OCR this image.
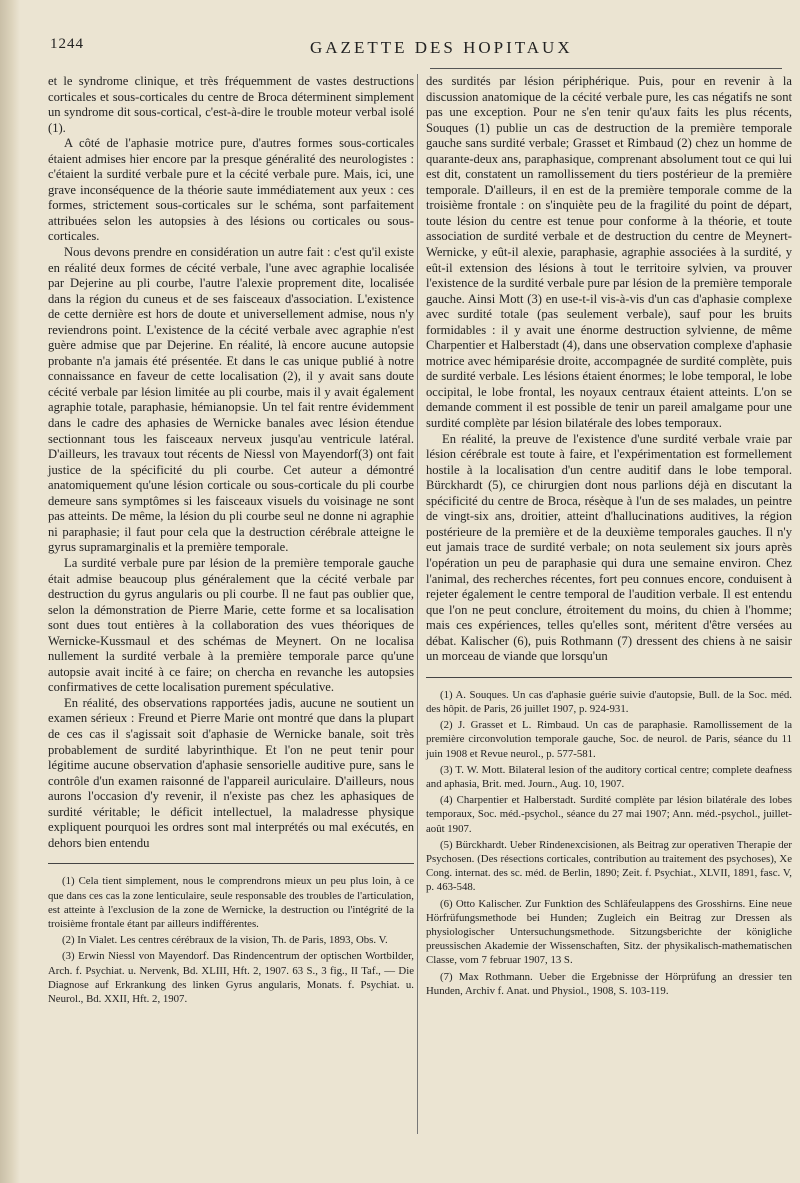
1244	GAZETTE DES HOPITAUX

et le syndrome clinique, et très fréquemment de vastes destructions corticales et sous-corticales du centre de Broca déterminent simplement un syndrome dit sous-cortical, c'est-à-dire le trouble moteur verbal isolé (1).

A côté de l'aphasie motrice pure, d'autres formes sous-corticales étaient admises hier encore par la presque généralité des neurologistes : c'étaient la surdité verbale pure et la cécité verbale pure. Mais, ici, une grave inconséquence de la théorie saute immédiatement aux yeux : ces formes, strictement sous-corticales sur le schéma, sont parfaitement attribuées selon les autopsies à des lésions ou corticales ou sous-corticales.

Nous devons prendre en considération un autre fait : c'est qu'il existe en réalité deux formes de cécité verbale, l'une avec agraphie localisée par Dejerine au pli courbe, l'autre l'alexie proprement dite, localisée dans la région du cuneus et de ses faisceaux d'association. L'existence de cette dernière est hors de doute et universellement admise, nous n'y reviendrons point. L'existence de la cécité verbale avec agraphie n'est guère admise que par Dejerine. En réalité, là encore aucune autopsie probante n'a jamais été présentée. Et dans le cas unique publié à notre connaissance en faveur de cette localisation (2), il y avait sans doute cécité verbale par lésion limitée au pli courbe, mais il y avait également agraphie totale, paraphasie, hémianopsie. Un tel fait rentre évidemment dans le cadre des aphasies de Wernicke banales avec lésion étendue sectionnant tous les faisceaux nerveux jusqu'au ventricule latéral. D'ailleurs, les travaux tout récents de Niessl von Mayendorf(3) ont fait justice de la spécificité du pli courbe. Cet auteur a démontré anatomiquement qu'une lésion corticale ou sous-corticale du pli courbe demeure sans symptômes si les faisceaux visuels du voisinage ne sont pas atteints. De même, la lésion du pli courbe seul ne donne ni agraphie ni paraphasie; il faut pour cela que la destruction cérébrale atteigne le gyrus supramarginalis et la première temporale.

La surdité verbale pure par lésion de la première temporale gauche était admise beaucoup plus généralement que la cécité verbale par destruction du gyrus angularis ou pli courbe. Il ne faut pas oublier que, selon la démonstration de Pierre Marie, cette forme et sa localisation sont dues tout entières à la collaboration des vues théoriques de Wernicke-Kussmaul et des schémas de Meynert. On ne localisa nullement la surdité verbale à la première temporale parce qu'une autopsie avait incité à ce faire; on chercha en revanche les autopsies confirmatives de cette localisation purement spéculative.

En réalité, des observations rapportées jadis, aucune ne soutient un examen sérieux : Freund et Pierre Marie ont montré que dans la plupart de ces cas il s'agissait soit d'aphasie de Wernicke banale, soit très probablement de surdité labyrinthique. Et l'on ne peut tenir pour légitime aucune observation d'aphasie sensorielle auditive pure, sans le contrôle d'un examen raisonné de l'appareil auriculaire. D'ailleurs, nous aurons l'occasion d'y revenir, il n'existe pas chez les aphasiques de surdité véritable; le déficit intellectuel, la maladresse physique expliquent pourquoi les ordres sont mal interprétés ou mal exécutés, en dehors bien entendu

(1) Cela tient simplement, nous le comprendrons mieux un peu plus loin, à ce que dans ces cas la zone lenticulaire, seule responsable des troubles de l'articulation, est atteinte à l'exclusion de la zone de Wernicke, la destruction ou l'intégrité de la troisième frontale étant par ailleurs indifférentes.

(2) In Vialet. Les centres cérébraux de la vision, Th. de Paris, 1893, Obs. V.

(3) Erwin Niessl von Mayendorf. Das Rindencentrum der optischen Wortbilder, Arch. f. Psychiat. u. Nervenk, Bd. XLIII, Hft. 2, 1907. 63 S., 3 fig., II Taf., — Die Diagnose auf Erkrankung des linken Gyrus angularis, Monats. f. Psychiat. u. Neurol., Bd. XXII, Hft. 2, 1907.

des surdités par lésion périphérique. Puis, pour en revenir à la discussion anatomique de la cécité verbale pure, les cas négatifs ne sont pas une exception. Pour ne s'en tenir qu'aux faits les plus récents, Souques (1) publie un cas de destruction de la première temporale gauche sans surdité verbale; Grasset et Rimbaud (2) chez un homme de quarante-deux ans, paraphasique, comprenant absolument tout ce qui lui est dit, constatent un ramollissement du tiers postérieur de la première temporale. D'ailleurs, il en est de la première temporale comme de la troisième frontale : on s'inquiète peu de la fragilité du point de départ, toute lésion du centre est tenue pour conforme à la théorie, et toute association de surdité verbale et de destruction du centre de Meynert-Wernicke, y eût-il alexie, paraphasie, agraphie associées à la surdité, y eût-il extension des lésions à tout le territoire sylvien, va prouver l'existence de la surdité verbale pure par lésion de la première temporale gauche. Ainsi Mott (3) en use-t-il vis-à-vis d'un cas d'aphasie complexe avec surdité totale (pas seulement verbale), sauf pour les bruits formidables : il y avait une énorme destruction sylvienne, de même Charpentier et Halberstadt (4), dans une observation complexe d'aphasie motrice avec hémiparésie droite, accompagnée de surdité complète, puis de surdité verbale. Les lésions étaient énormes; le lobe temporal, le lobe occipital, le lobe frontal, les noyaux centraux étaient atteints. L'on se demande comment il est possible de tenir un pareil amalgame pour une surdité complète par lésion bilatérale des lobes temporaux.

En réalité, la preuve de l'existence d'une surdité verbale vraie par lésion cérébrale est toute à faire, et l'expérimentation est formellement hostile à la localisation d'un centre auditif dans le lobe temporal. Bürckhardt (5), ce chirurgien dont nous parlions déjà en discutant la spécificité du centre de Broca, résèque à l'un de ses malades, un peintre de vingt-six ans, droitier, atteint d'hallucinations auditives, la région postérieure de la première et de la deuxième temporales gauches. Il n'y eut jamais trace de surdité verbale; on nota seulement six jours après l'opération un peu de paraphasie qui dura une semaine environ. Chez l'animal, des recherches récentes, fort peu connues encore, conduisent à rejeter également le centre temporal de l'audition verbale. Il est entendu que l'on ne peut conclure, étroitement du moins, du chien à l'homme; mais ces expériences, telles qu'elles sont, méritent d'être versées au débat. Kalischer (6), puis Rothmann (7) dressent des chiens à ne saisir un morceau de viande que lorsqu'un

(1) A. Souques. Un cas d'aphasie guérie suivie d'autopsie, Bull. de la Soc. méd. des hôpit. de Paris, 26 juillet 1907, p. 924-931.

(2) J. Grasset et L. Rimbaud. Un cas de paraphasie. Ramollissement de la première circonvolution temporale gauche, Soc. de neurol. de Paris, séance du 11 juin 1908 et Revue neurol., p. 577-581.

(3) T. W. Mott. Bilateral lesion of the auditory cortical centre; complete deafness and aphasia, Brit. med. Journ., Aug. 10, 1907.

(4) Charpentier et Halberstadt. Surdité complète par lésion bilatérale des lobes temporaux, Soc. méd.-psychol., séance du 27 mai 1907; Ann. méd.-psychol., juillet-août 1907.

(5) Bürckhardt. Ueber Rindenexcisionen, als Beitrag zur operativen Therapie der Psychosen. (Des résections corticales, contribution au traitement des psychoses), Xe Cong. internat. des sc. méd. de Berlin, 1890; Zeit. f. Psychiat., XLVII, 1891, fasc. V, p. 463-548.

(6) Otto Kalischer. Zur Funktion des Schläfeulappens des Grosshirns. Eine neue Hörfrüfungsmethode bei Hunden; Zugleich ein Beitrag zur Dressen als physiologischer Untersuchungsmethode. Sitzungsberichte der königliche preussischen Akademie der Wissenschaften, Sitz. der physikalisch-mathematischen Classe, vom 7 februar 1907, 13 S.

(7) Max Rothmann. Ueber die Ergebnisse der Hörprüfung an dressier ten Hunden, Archiv f. Anat. und Physiol., 1908, S. 103-119.
